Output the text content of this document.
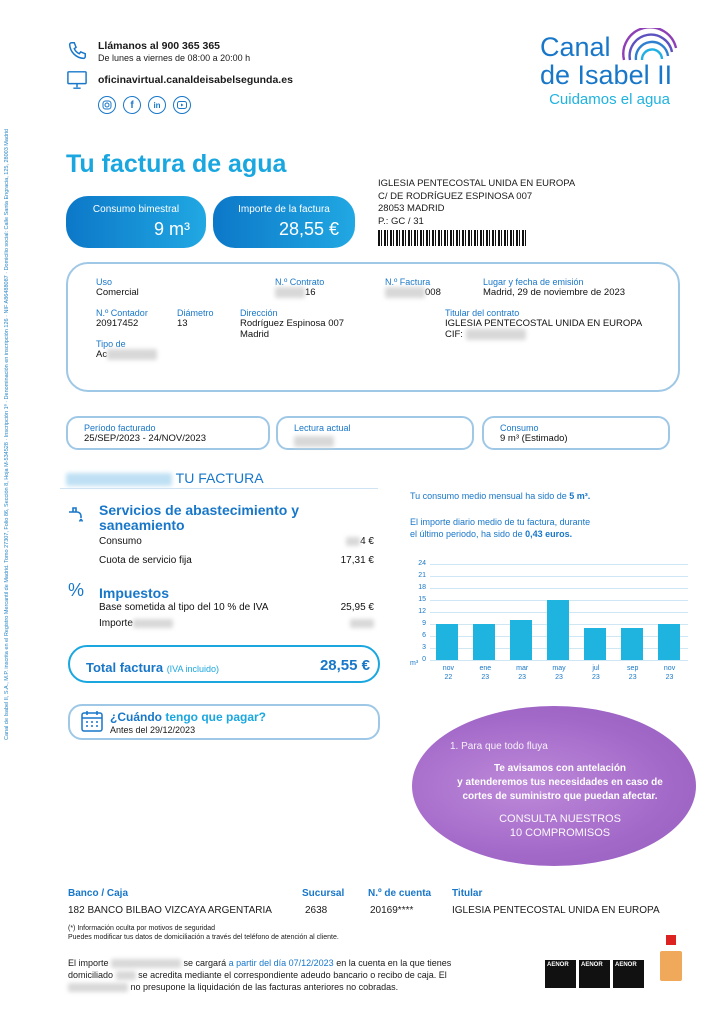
Canal de Isabel II, S.A., M.P. inscrita en el Registro Mercantil de Madrid. Tomo 27307, Folio 86, Sección 8, Hoja M-534528 · Inscripción 1ª · Denominación en inscripción 126 · NIF A86488087 · Domicilio social: Calle Santa Engracia, 125, 28003 Madrid
Llámanos al 900 365 365
De lunes a viernes de 08:00 a 20:00 h
oficinavirtual.canaldeisabelsegunda.es
f	in
Canal
de Isabel II
Cuidamos el agua
Tu factura de agua
Consumo bimestral
9 m³
Importe de la factura
28,55 €
IGLESIA PENTECOSTAL UNIDA EN EUROPA
C/ DE RODRÍGUEZ ESPINOSA 007
28053 MADRID
P.: GC / 31
Uso
Comercial
N.º Contrato
16
N.º Factura
008
Lugar y fecha de emisión
Madrid, 29 de noviembre de 2023
N.º Contador
20917452
Diámetro
13
Dirección
Rodríguez Espinosa 007
Madrid
Titular del contrato
IGLESIA PENTECOSTAL UNIDA EN EUROPA
CIF:
Tipo de
Ac
Período facturado
25/SEP/2023 - 24/NOV/2023
Lectura actual	Consumo
9 m³ (Estimado)
TU FACTURA
Servicios de abastecimiento y
saneamiento
Consumo	4 €
Cuota de servicio fija	17,31 €
% Impuestos
Base sometida al tipo del 10 % de IVA	25,95 €
Importe
Total factura (IVA incluido)	28,55 €
¿Cuándo tengo que pagar?
Antes del 29/12/2023
Tu consumo medio mensual ha sido de 5 m³.
El importe diario medio de tu factura, durante
el último periodo, ha sido de 0,43 euros.
0
3
6
9
12
15
18
21
24
nov
22
ene
23
mar
23
may
23
jul
23
sep
23
nov
23
m³
1. Para que todo fluya
Te avisamos con antelación
y atenderemos tus necesidades en caso de
cortes de suministro que puedan afectar.
CONSULTA NUESTROS
10 COMPROMISOS
Banco / Caja
182 BANCO BILBAO VIZCAYA ARGENTARIA
Sucursal
2638
N.º de cuenta
20169****
Titular
IGLESIA PENTECOSTAL UNIDA EN EUROPA
(*) Información oculta por motivos de seguridad
Puedes modificar tus datos de domiciliación a través del teléfono de atención al cliente.
El importe	se cargará a partir del día 07/12/2023 en la cuenta en la que tienes
domiciliado	se acredita mediante el correspondiente adeudo bancario o recibo de caja. El
no presupone la liquidación de las facturas anteriores no cobradas.
AENOR	AENOR	AENOR
